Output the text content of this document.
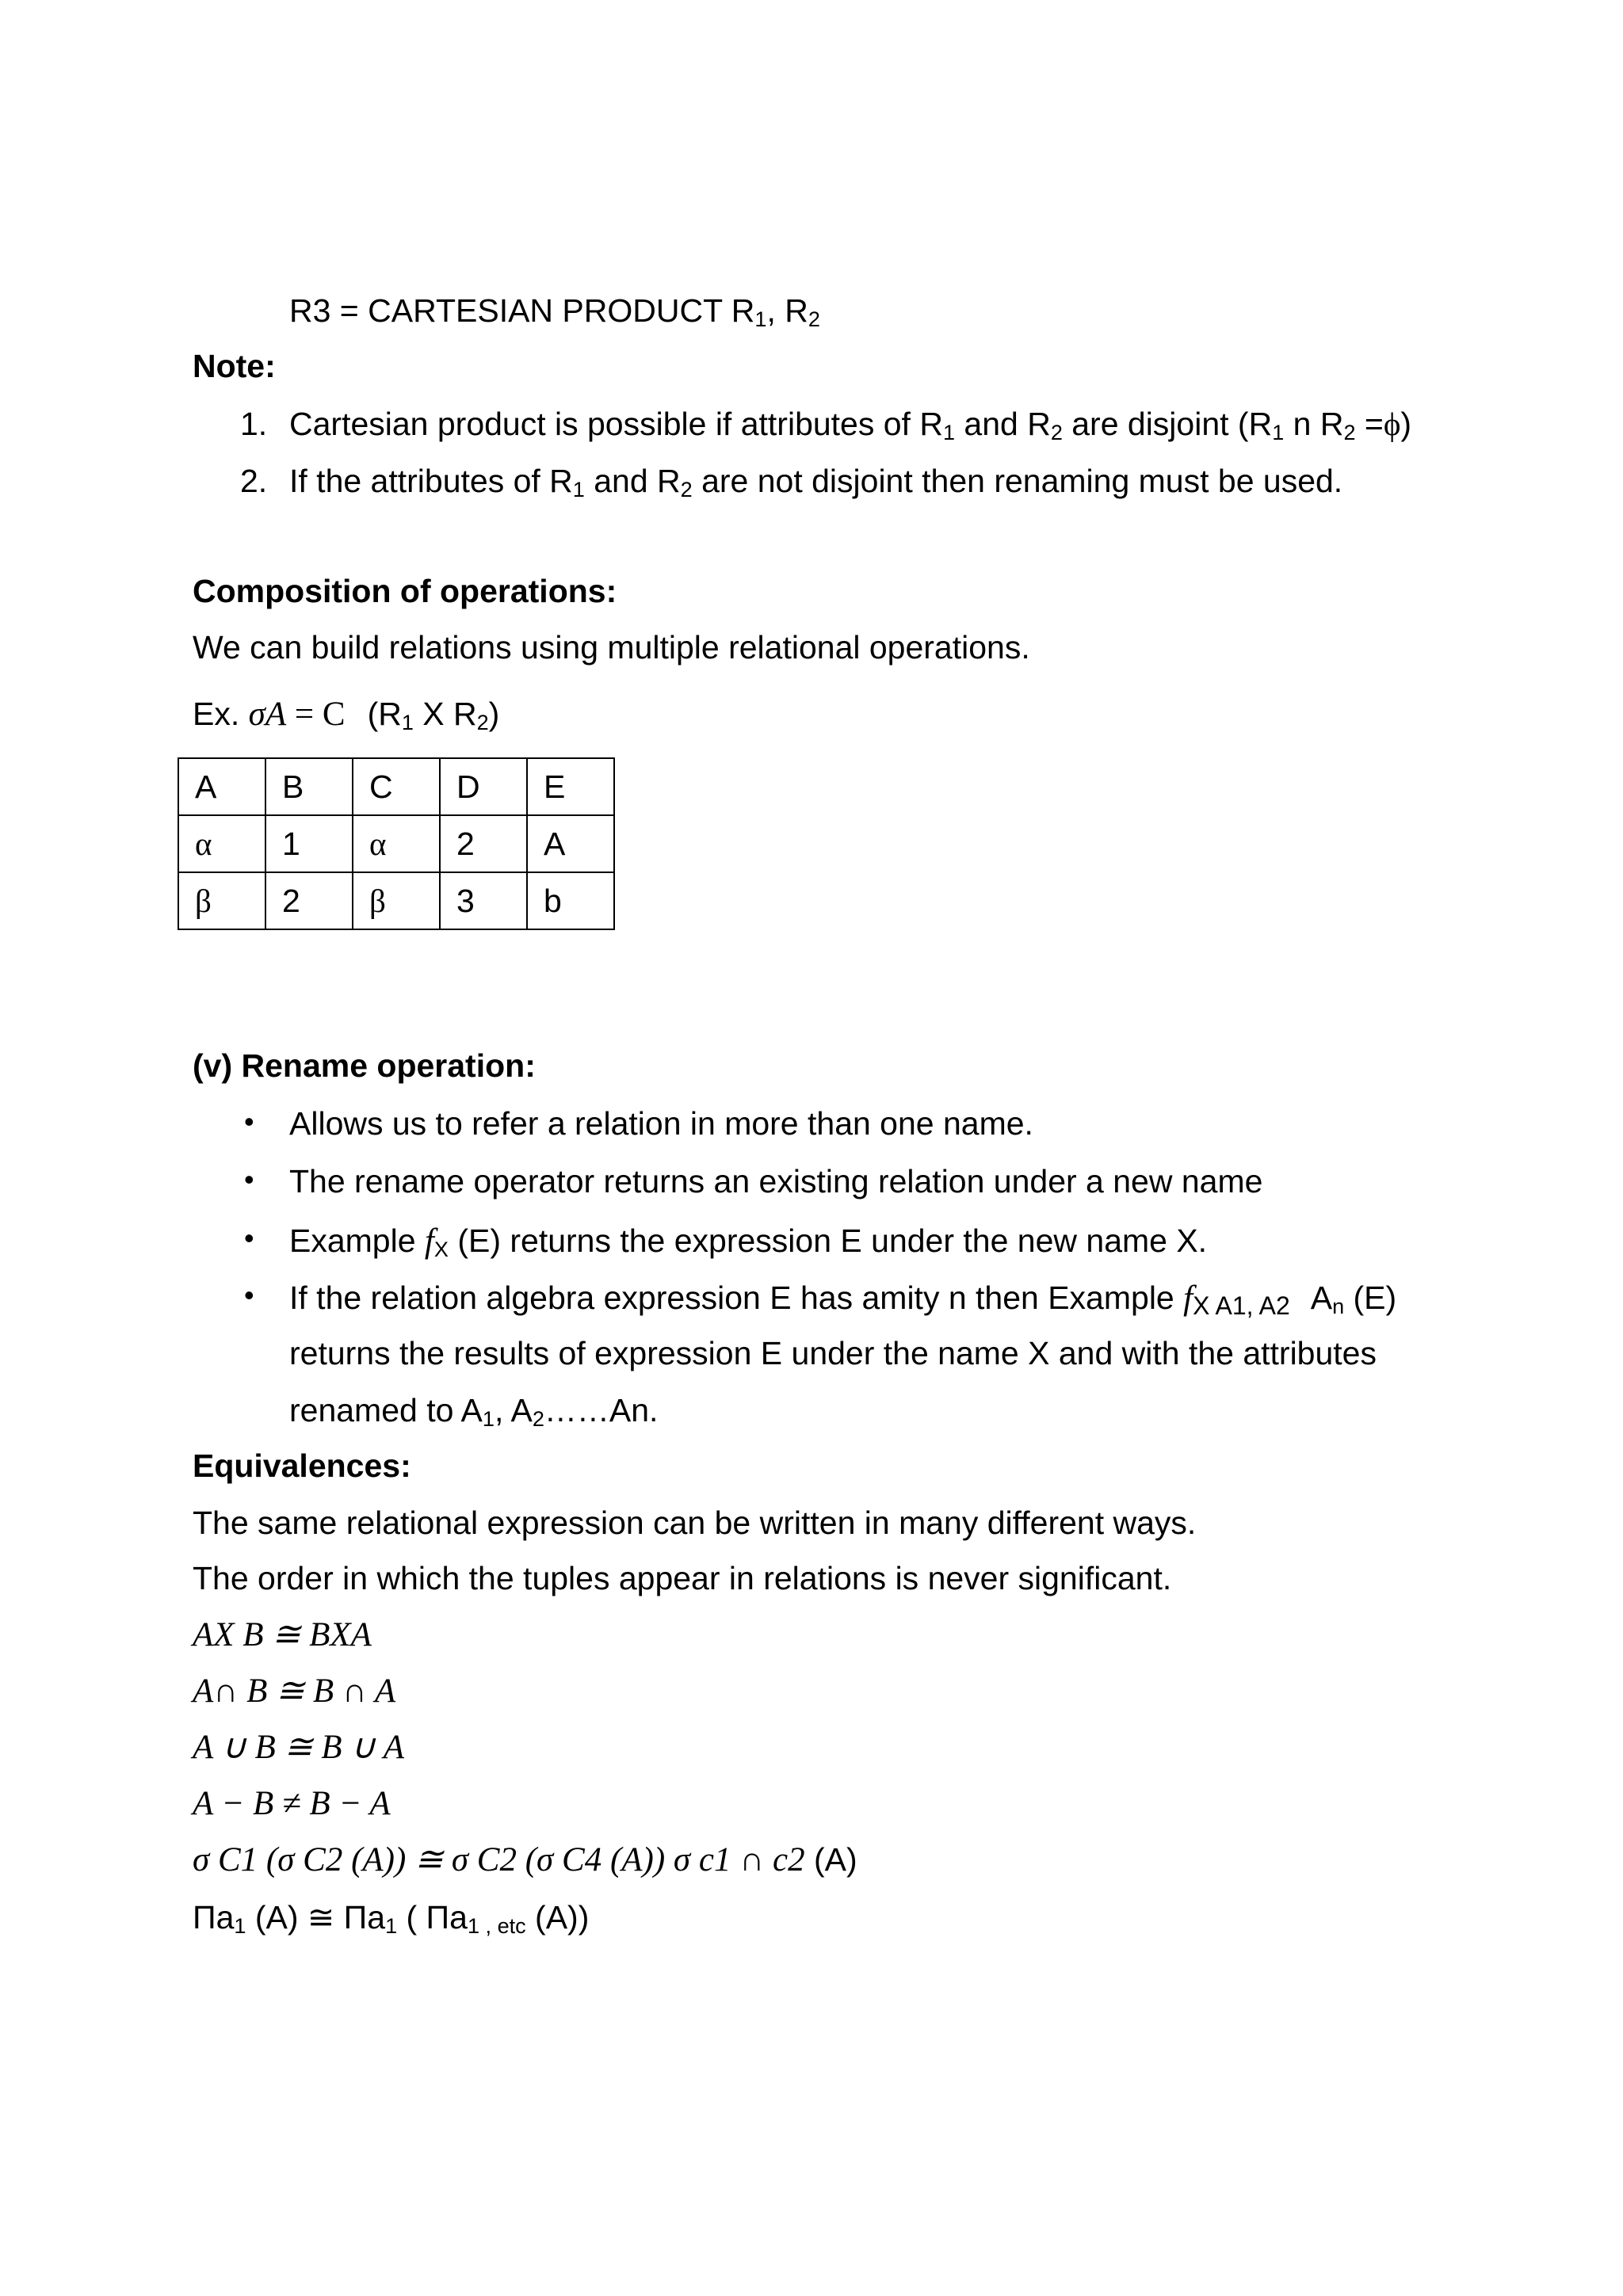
R3 = CARTESIAN PRODUCT $R_1$, $R_2$
Note:
1. Cartesian product is possible if attributes of $R_1$ and $R_2$ are disjoint ($R_1$ n $R_2 =\phi$)
2. If the attributes of $R_1$ and $R_2$ are not disjoint then renaming must be used.
Composition of operations:
We can build relations using multiple relational operations.
Ex. σA = C ($R_1$ X $R_2$)
A	B	C	D	E
α	1	α	2	A
β	2	β	3	b
(v) Rename operation:
• Allows us to refer a relation in more than one name.
• The rename operator returns an existing relation under a new name
• Example $f_X$ (E) returns the expression E under the new name X.
• If the relation algebra expression E has amity n then Example $f_{X A1, A2}$ $A_n$ (E)
returns the results of expression E under the name X and with the attributes
renamed to $A_1$, $A_2\dots\dots An$.
Equivalences:
The same relational expression can be written in many different ways.
The order in which the tuples appear in relations is never significant.
AX B ≅ BXA
A∩ B ≅ B ∩ A
A ∪ B ≅ B ∪ A
A − B ≠ B − A
σ C1 (σ C2 (A)) ≅ σ C2 (σ C4 (A)) σ c1 ∩ c2 (A)
$\Pi a_1$ (A) ≅ $\Pi a_1$ ( $\Pi a_{1 , etc}$ (A))
